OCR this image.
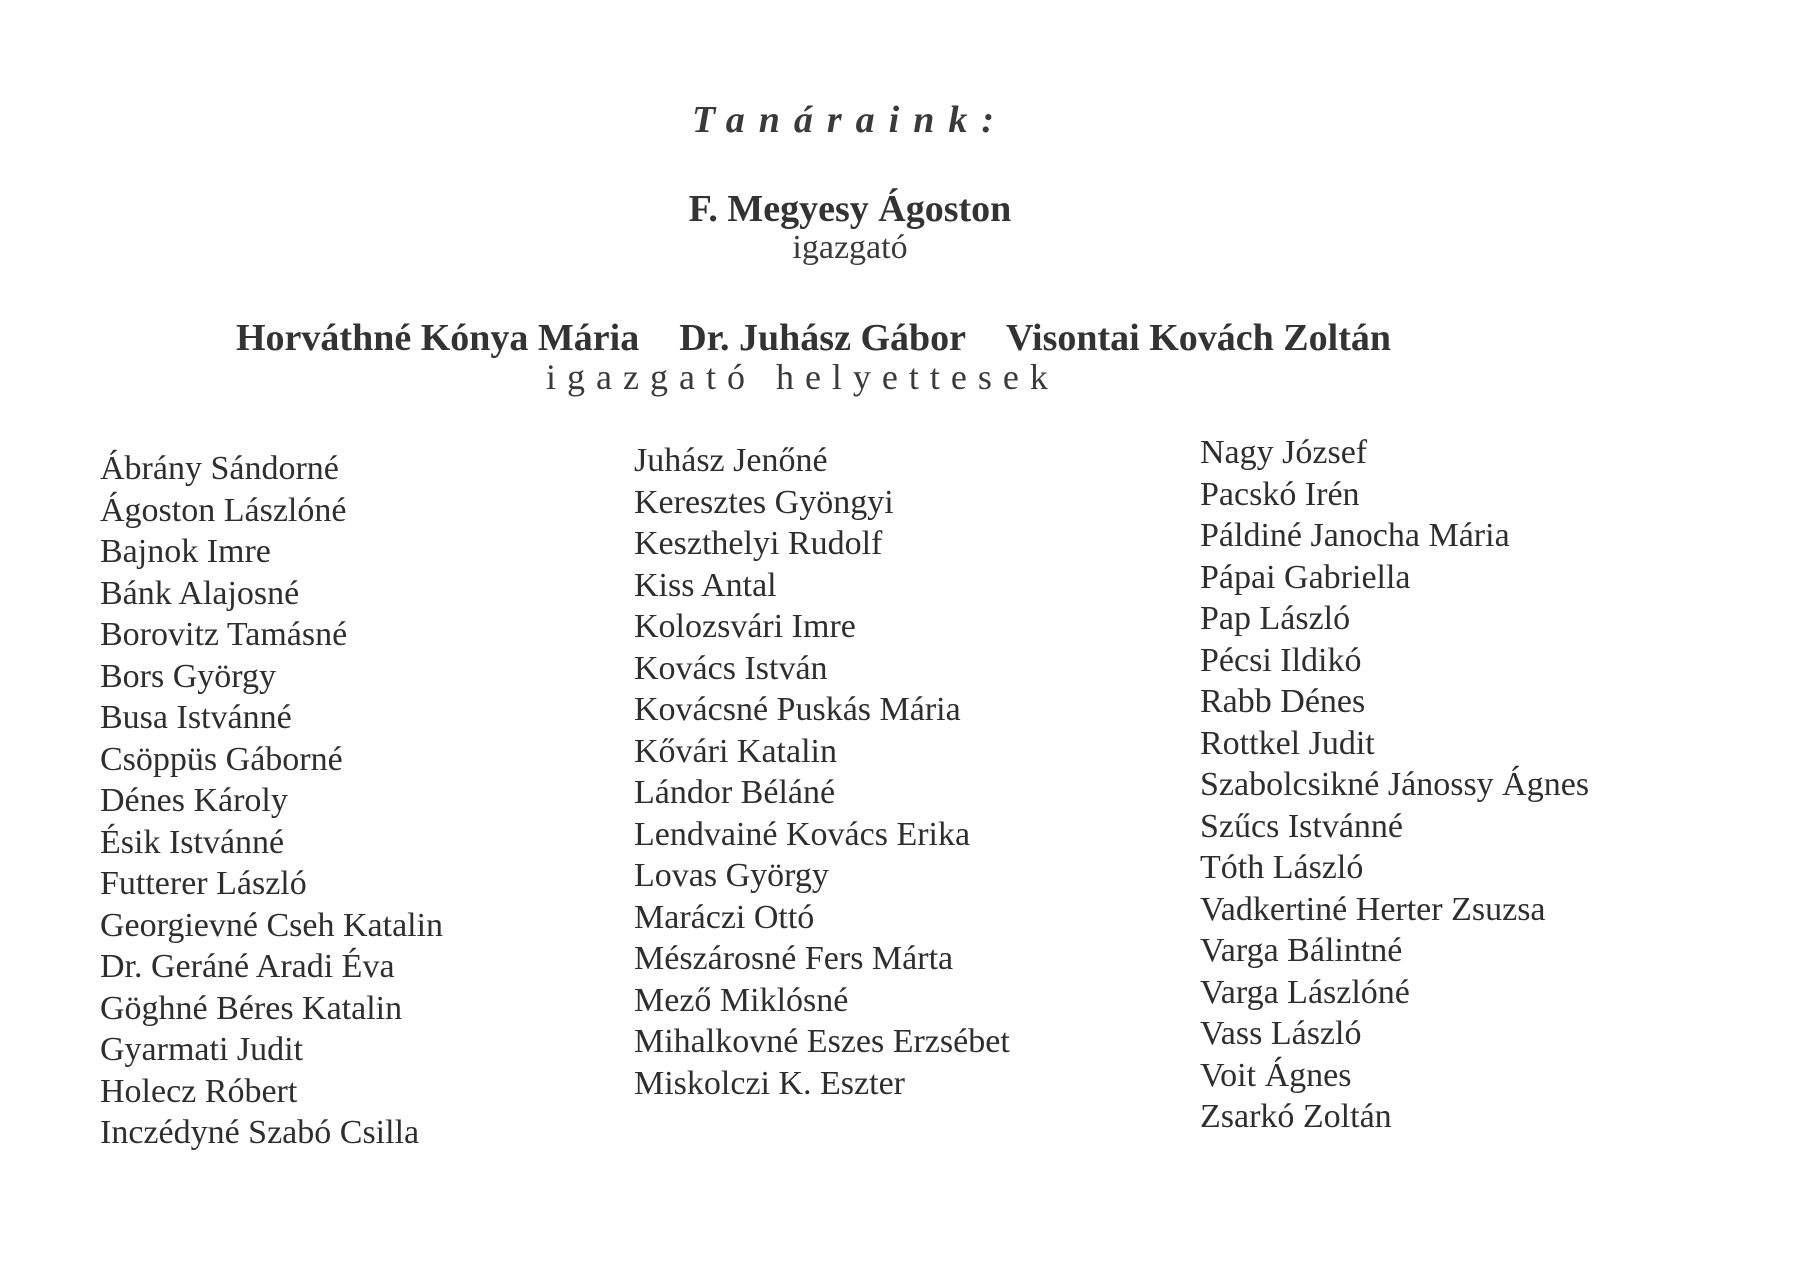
Tanáraink:
F. Megyesy Ágoston
igazgató
Horváthné Kónya Mária Dr. Juhász Gábor Visontai Kovách Zoltán
igazgató helyettesek
Ábrány Sándorné
Ágoston Lászlóné
Bajnok Imre
Bánk Alajosné
Borovitz Tamásné
Bors György
Busa Istvánné
Csöppüs Gáborné
Dénes Károly
Ésik Istvánné
Futterer László
Georgievné Cseh Katalin
Dr. Geráné Aradi Éva
Göghné Béres Katalin
Gyarmati Judit
Holecz Róbert
Inczédyné Szabó Csilla
Juhász Jenőné
Keresztes Gyöngyi
Keszthelyi Rudolf
Kiss Antal
Kolozsvári Imre
Kovács István
Kovácsné Puskás Mária
Kővári Katalin
Lándor Béláné
Lendvainé Kovács Erika
Lovas György
Maráczi Ottó
Mészárosné Fers Márta
Mező Miklósné
Mihalkovné Eszes Erzsébet
Miskolczi K. Eszter
Nagy József
Pacskó Irén
Páldiné Janocha Mária
Pápai Gabriella
Pap László
Pécsi Ildikó
Rabb Dénes
Rottkel Judit
Szabolcsikné Jánossy Ágnes
Szűcs Istvánné
Tóth László
Vadkertiné Herter Zsuzsa
Varga Bálintné
Varga Lászlóné
Vass László
Voit Ágnes
Zsarkó Zoltán
